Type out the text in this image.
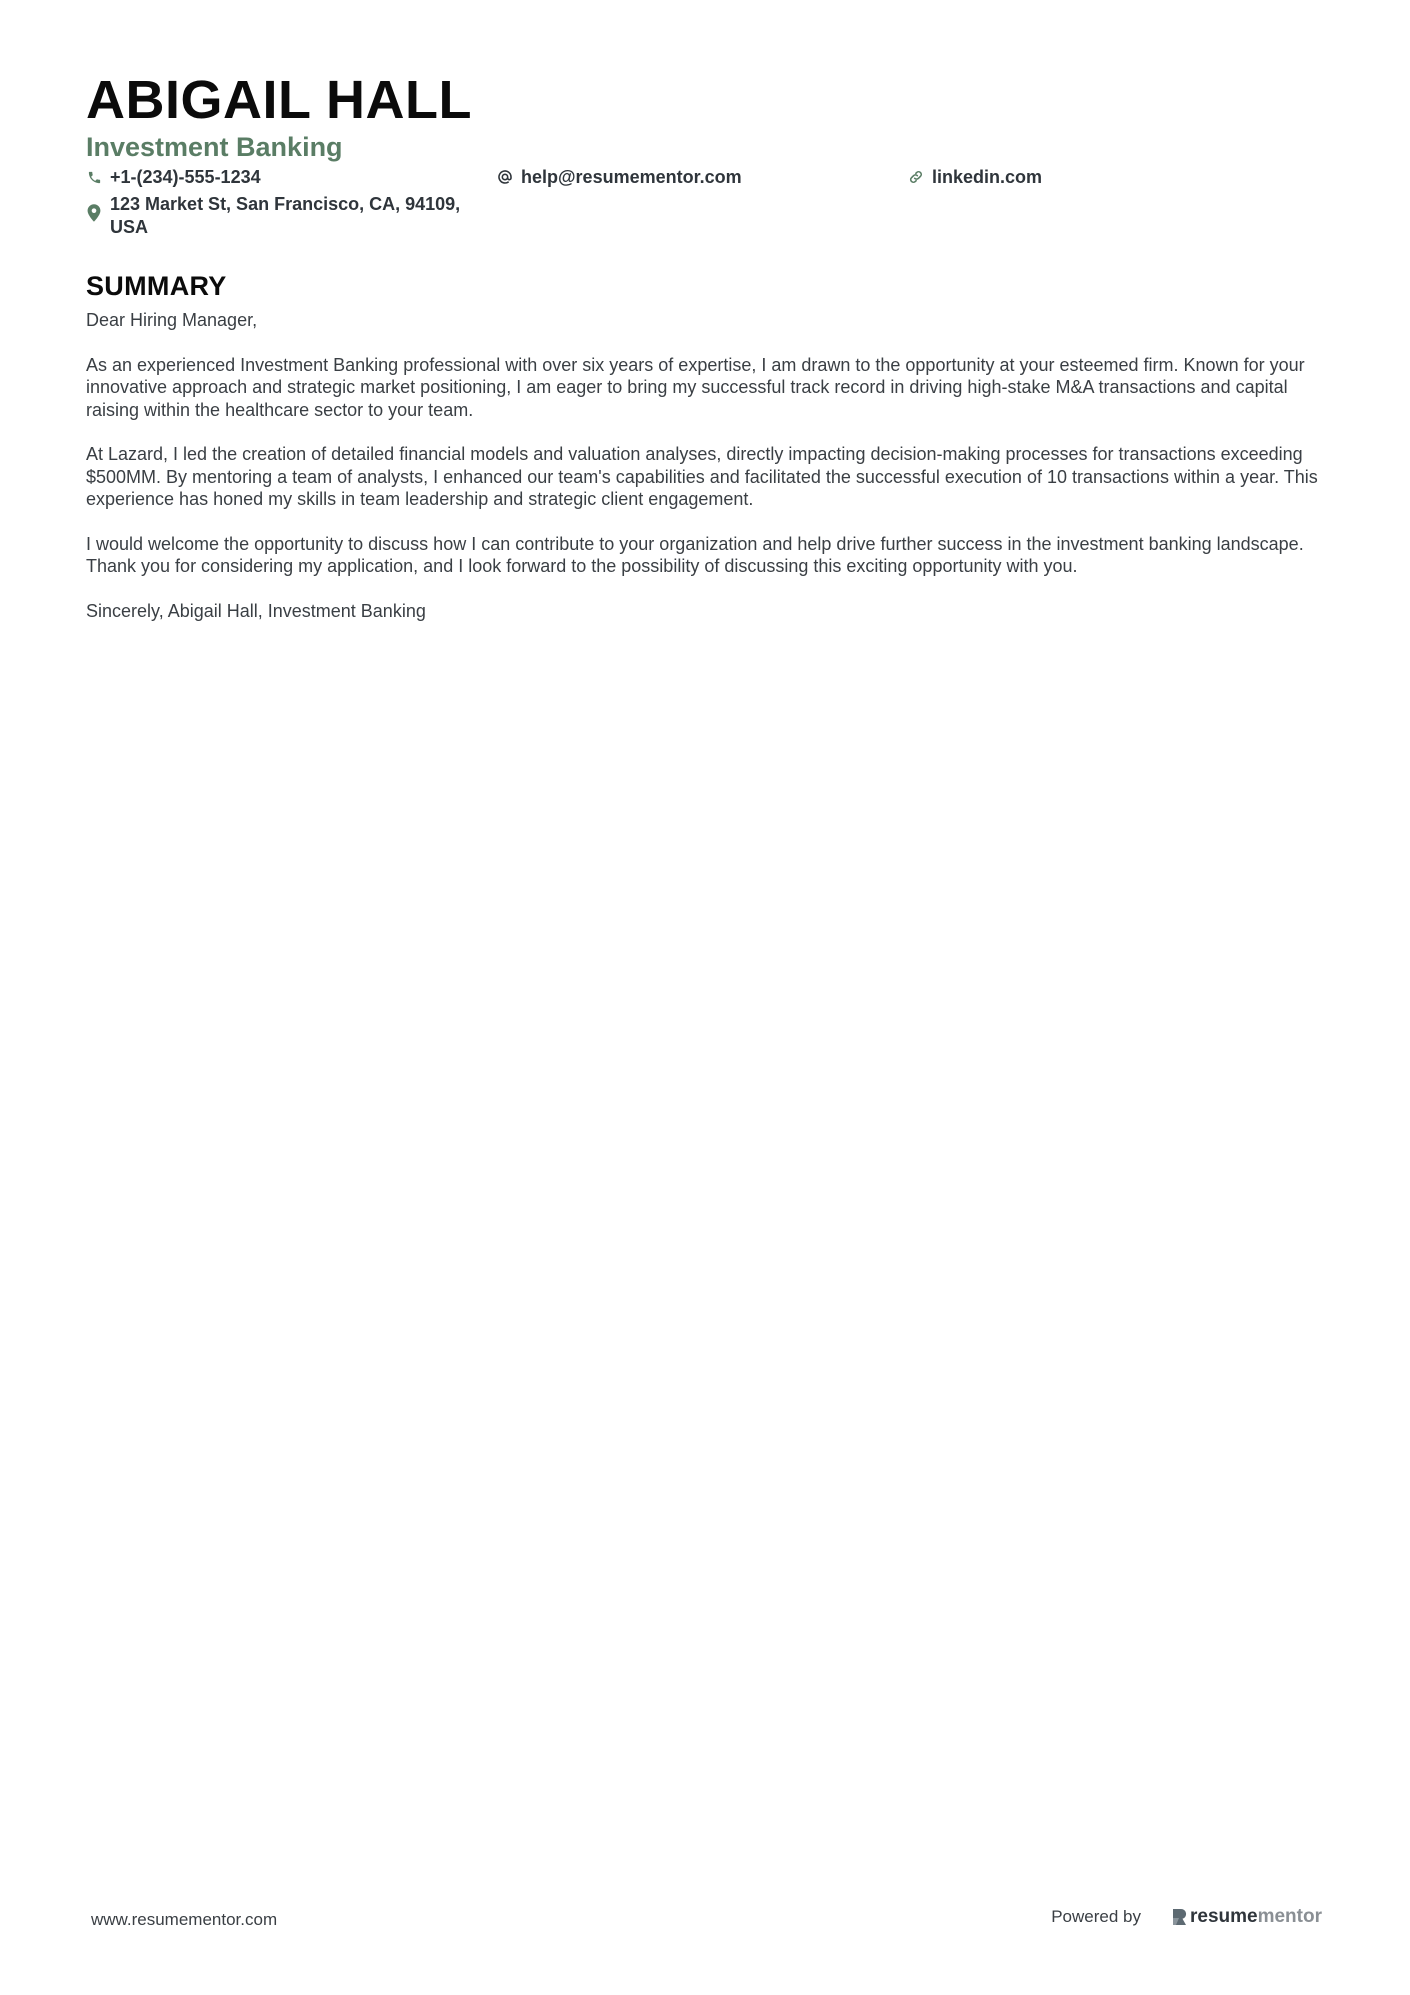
ABIGAIL HALL
Investment Banking
+1-(234)-555-1234	help@resumementor.com	linkedin.com
123 Market St, San Francisco, CA, 94109, USA
SUMMARY

Dear Hiring Manager,

As an experienced Investment Banking professional with over six years of expertise, I am drawn to the opportunity at your esteemed firm. Known for your innovative approach and strategic market positioning, I am eager to bring my successful track record in driving high-stake M&A transactions and capital raising within the healthcare sector to your team.

At Lazard, I led the creation of detailed financial models and valuation analyses, directly impacting decision-making processes for transactions exceeding $500MM. By mentoring a team of analysts, I enhanced our team's capabilities and facilitated the successful execution of 10 transactions within a year. This experience has honed my skills in team leadership and strategic client engagement.

I would welcome the opportunity to discuss how I can contribute to your organization and help drive further success in the investment banking landscape. Thank you for considering my application, and I look forward to the possibility of discussing this exciting opportunity with you.

Sincerely, Abigail Hall, Investment Banking

www.resumementor.com	Powered by	resume mentor
